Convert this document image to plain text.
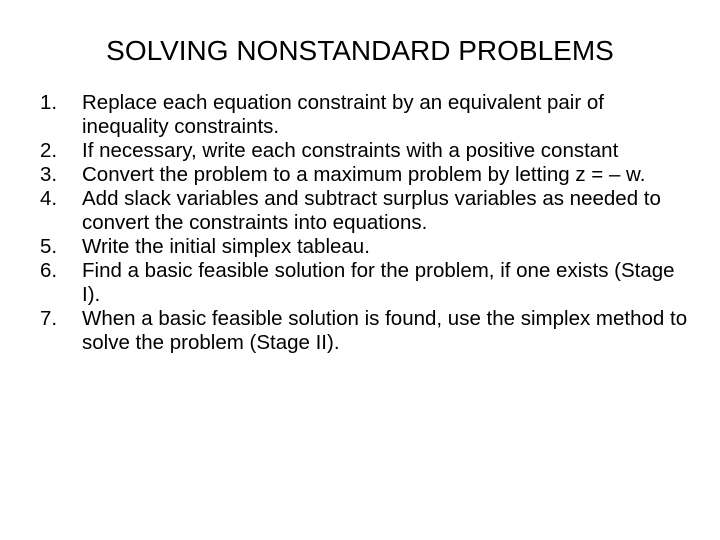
SOLVING NONSTANDARD PROBLEMS
1.	Replace each equation constraint by an equivalent pair of inequality constraints.
2.	If necessary, write each constraints with a positive constant
3.	Convert the problem to a maximum problem by letting z = – w.
4.	Add slack variables and subtract surplus variables as needed to convert the constraints into equations.
5.	Write the initial simplex tableau.
6.	Find a basic feasible solution for the problem, if one exists (Stage I).
7.	When a basic feasible solution is found, use the simplex method to solve the problem (Stage II).
